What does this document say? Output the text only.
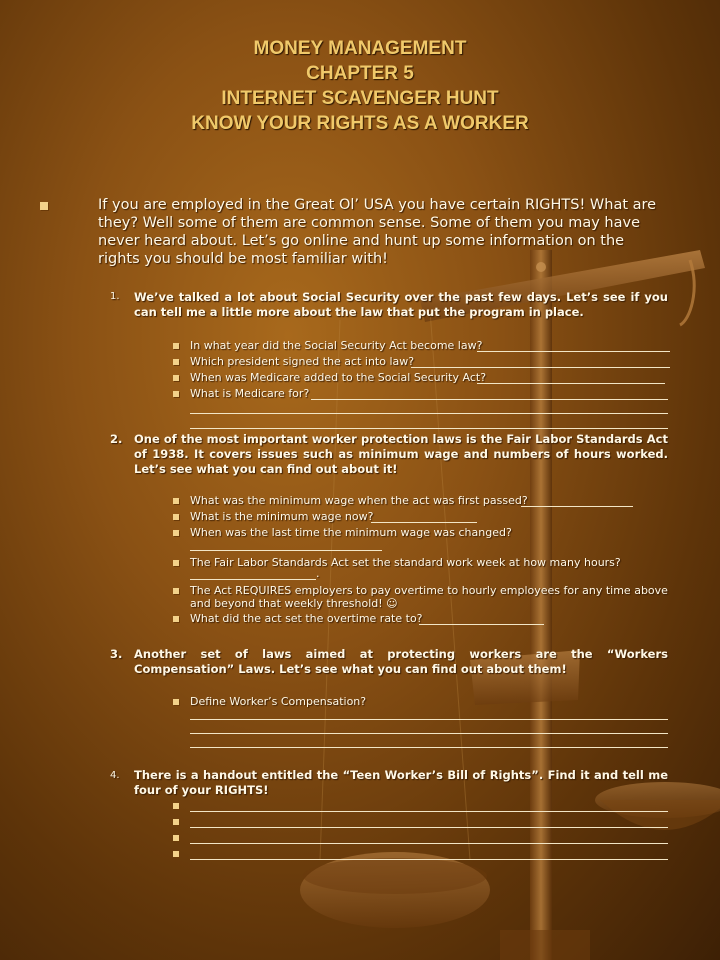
MONEY MANAGEMENT
CHAPTER 5
INTERNET SCAVENGER HUNT
KNOW YOUR RIGHTS AS A WORKER
If you are employed in the Great Ol’ USA you have certain RIGHTS! What are they? Well some of them are common sense. Some of them you may have never heard about. Let’s go online and hunt up some information on the rights you should be most familiar with!
1. We’ve talked a lot about Social Security over the past few days. Let’s see if you can tell me a little more about the law that put the program in place.
In what year did the Social Security Act become law?
Which president signed the act into law?
When was Medicare added to the Social Security Act?
What is Medicare for?
2. One of the most important worker protection laws is the Fair Labor Standards Act of 1938. It covers issues such as minimum wage and numbers of hours worked. Let’s see what you can find out about it!
What was the minimum wage when the act was first passed?
What is the minimum wage now?
When was the last time the minimum wage was changed?
The Fair Labor Standards Act set the standard work week at how many hours?
.
The Act REQUIRES employers to pay overtime to hourly employees for any time above
and beyond that weekly threshold! ☺
What did the act set the overtime rate to?
3. Another set of laws aimed at protecting workers are the “Workers Compensation” Laws. Let’s see what you can find out about them!
Define Worker’s Compensation?
4. There is a handout entitled the “Teen Worker’s Bill of Rights”. Find it and tell me four of your RIGHTS!
